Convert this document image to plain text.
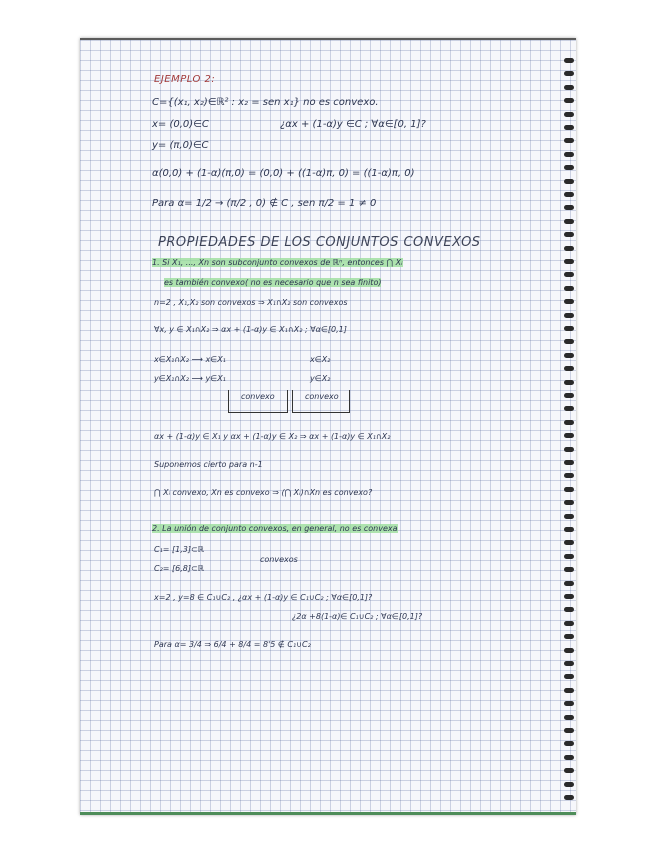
EJEMPLO 2:
C={(x₁, x₂)∈ℝ² : x₂ = sen x₁} no es convexo.
x= (0,0)∈C	¿αx + (1-α)y ∈C ; ∀α∈[0, 1]?
y= (π,0)∈C
α(0,0) + (1-α)(π,0) = (0,0) + ((1-α)π, 0) = ((1-α)π, 0)
Para α= 1/2 → (π/2 , 0) ∉ C , sen π/2 = 1 ≠ 0
PROPIEDADES DE LOS CONJUNTOS CONVEXOS
1. Si X₁, ..., Xn son subconjunto convexos de ℝⁿ, entonces ⋂ Xᵢ
es también convexo( no es necesario que n sea finito)
n=2 , X₁,X₂ son convexos ⇒ X₁∩X₂ son convexos
∀x, y ∈ X₁∩X₂ ⇒ αx + (1-α)y ∈ X₁∩X₂ ; ∀α∈[0,1]
x∈X₁∩X₂ ⟶ x∈X₁
y∈X₁∩X₂ ⟶ y∈X₁
x∈X₂
y∈X₂
convexo	convexo
αx + (1-α)y ∈ X₁ y αx + (1-α)y ∈ X₂ ⇒ αx + (1-α)y ∈ X₁∩X₂
Suponemos cierto para n-1
⋂ Xᵢ convexo, Xn es convexo ⇒ (⋂ Xᵢ)∩Xn es convexo?
2. La unión de conjunto convexos, en general, no es convexa
C₁= [1,3]⊂ℝ
convexos
C₂= [6,8]⊂ℝ
x=2 , y=8 ∈ C₁∪C₂ , ¿αx + (1-α)y ∈ C₁∪C₂ ; ∀α∈[0,1]?
¿2α +8(1-α)∈ C₁∪C₂ ; ∀α∈[0,1]?
Para α= 3/4 ⇒ 6/4 + 8/4 = 8'5 ∉ C₁∪C₂
